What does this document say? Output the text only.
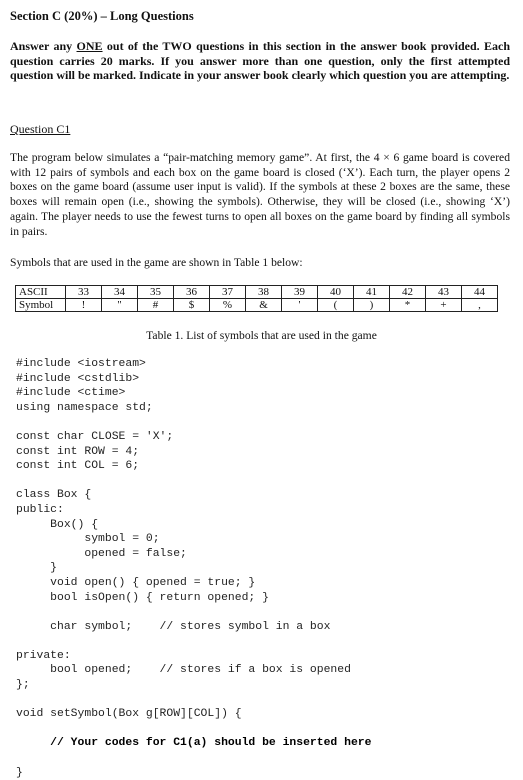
Section C (20%) – Long Questions
Answer any ONE out of the TWO questions in this section in the answer book provided. Each question carries 20 marks. If you answer more than one question, only the first attempted question will be marked. Indicate in your answer book clearly which question you are attempting.
Question C1
The program below simulates a “pair-matching memory game”. At first, the 4 × 6 game board is covered with 12 pairs of symbols and each box on the game board is closed (‘X’). Each turn, the player opens 2 boxes on the game board (assume user input is valid). If the symbols at these 2 boxes are the same, these boxes will remain open (i.e., showing the symbols). Otherwise, they will be closed (i.e., showing ‘X’) again. The player needs to use the fewest turns to open all boxes on the game board by finding all symbols in pairs.
Symbols that are used in the game are shown in Table 1 below:
ASCII	33	34	35	36	37	38	39	40	41	42	43	44
Symbol	!	"	#	$	%	&	'	(	)	*	+	,
Table 1. List of symbols that are used in the game
#include <iostream>
#include <cstdlib>
#include <ctime>
using namespace std;
const char CLOSE = 'X';
const int ROW = 4;
const int COL = 6;
class Box {
public:
Box() {
symbol = 0;
opened = false;
}
void open() { opened = true; }
bool isOpen() { return opened; }
char symbol;    // stores symbol in a box
private:
bool opened;    // stores if a box is opened
};
void setSymbol(Box g[ROW][COL]) {
// Your codes for C1(a) should be inserted here
}
